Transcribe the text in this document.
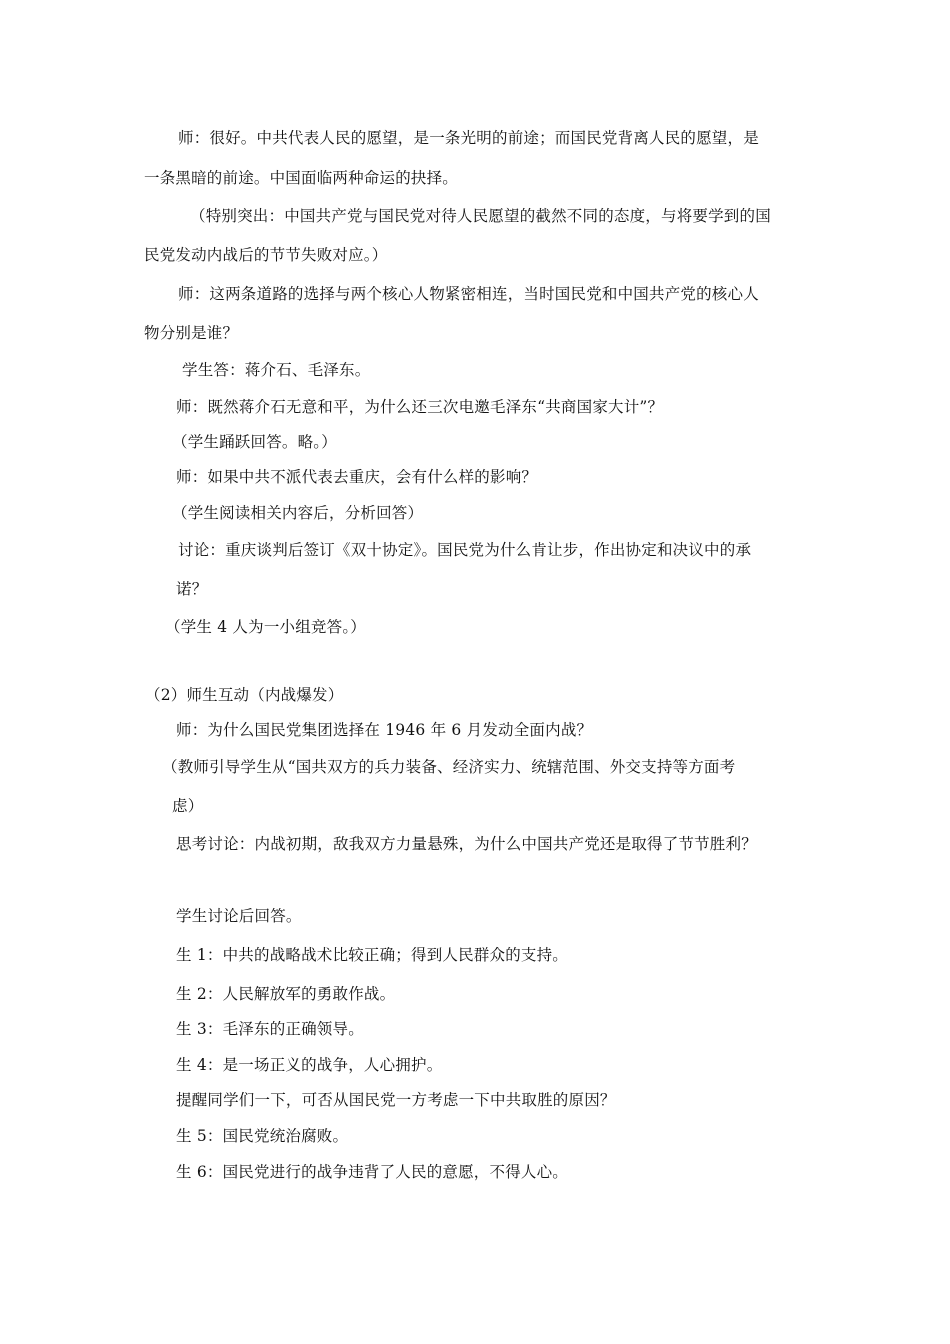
师：很好。中共代表人民的愿望，是一条光明的前途；而国民党背离人民的愿望，是
一条黑暗的前途。中国面临两种命运的抉择。
（特别突出：中国共产党与国民党对待人民愿望的截然不同的态度，与将要学到的国
民党发动内战后的节节失败对应。）
师：这两条道路的选择与两个核心人物紧密相连，当时国民党和中国共产党的核心人
物分别是谁？
学生答：蒋介石、毛泽东。
师：既然蒋介石无意和平，为什么还三次电邀毛泽东“共商国家大计”？
（学生踊跃回答。略。）
师：如果中共不派代表去重庆，会有什么样的影响？
（学生阅读相关内容后，分析回答）
讨论：重庆谈判后签订《双十协定》。国民党为什么肯让步，作出协定和决议中的承
诺？
（学生 4 人为一小组竞答。）
（2）师生互动（内战爆发）
师：为什么国民党集团选择在 1946 年 6 月发动全面内战？
（教师引导学生从“国共双方的兵力装备、经济实力、统辖范围、外交支持等方面考
虑）
思考讨论：内战初期，敌我双方力量悬殊，为什么中国共产党还是取得了节节胜利？
学生讨论后回答。
生 1：中共的战略战术比较正确；得到人民群众的支持。
生 2：人民解放军的勇敢作战。
生 3：毛泽东的正确领导。
生 4：是一场正义的战争，人心拥护。
提醒同学们一下，可否从国民党一方考虑一下中共取胜的原因？
生 5：国民党统治腐败。
生 6：国民党进行的战争违背了人民的意愿，不得人心。
